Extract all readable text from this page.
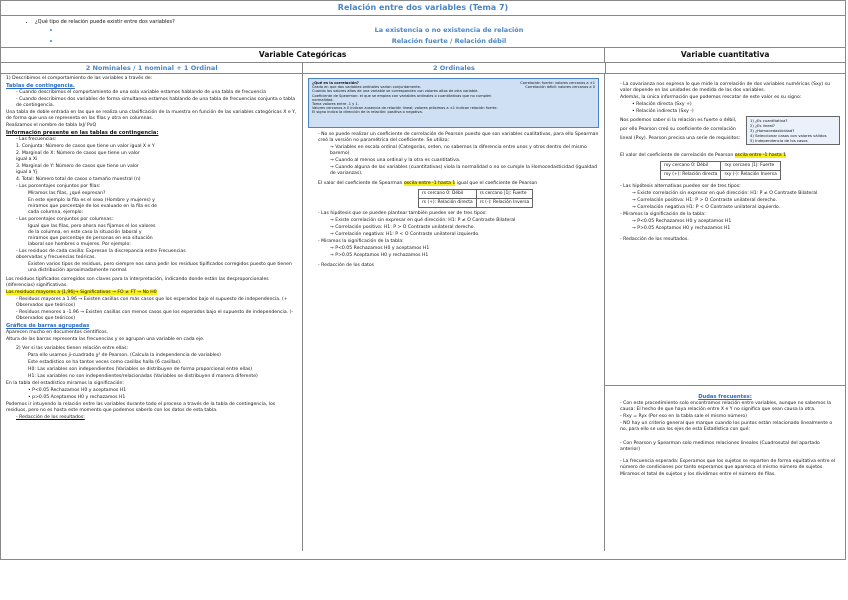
Relación entre dos variables (Tema 7)
• ¿Qué tipo de relación puede existir entre dos variables?
• La existencia o no existencia de relación
• Relación fuerte / Relación débil
Variable Categóricas	Variable cuantitativa
2 Nominales / 1 nominal + 1 Ordinal	2 Ordinales

1) Describimos el comportamiento de las variables a través de:

Tablas de contingencia.

- Cuando describimos el comportamiento de una sola variable estamos hablando de una tabla de frecuencia

- Cuando describimos dos variables de forma simultanea estamos hablando de una tabla de frecuencias conjunta o tabla de contingencia.

Una tabla de doble entrada en las que se realiza una clasificación de la muestra en función de las variables categóricas X e Y, de forma que una se representa en las filas y otra en columnas.

Realizamos el nombre de tabla IxJ/ PxQ

Información presente en las tablas de contingencia:

- Las frecuencias:

1. Conjunta: Número de casos que tiene un valor igual X e Y

2. Marginal de X: Número de casos que tiene un valor igual a Xi

3. Marginal de Y: Número de casos que tiene un valor igual a Yj

4. Total: Número total de casos o tamaño muestral (n)

- Los porcentajes conjuntos por filas:

Miramos las filas, ¿qué expresan?

En este ejemplo la fila es el sexo (Hombre y mujeres) y miramos que porcentaje de los evaluado en la fila es de cada columna, ejemplo:

- Los porcentajes conjuntos por columnas:

Igual que las filas, pero ahora nos fijamos el los valores de la columna, en este caso la situación laboral y miramos que porcentaje de personas en esa situación laboral son hombres o mujeres. Por ejemplo:

- Los residuos de cada casilla: Expresan la discrepancia entre Frecuencias observadas y frecuencias teóricas.

Existen varios tipos de residuos, pero siempre nos sana pedir los residuos tipificados corregidos puesto que tienen una distribución aproximadamente normal.

Los residuos tipificados corregidos son claves para la interpretación, indicando donde están las desproporcionales (diferencias) significativas.

Los residuos mayores a |1,96|→ Significativos → FO ≠ FT → No H0

- Residuos mayores a 1.96 → Existen casillas con más casos que los esperados bajo el supuesto de independencia. (+ Observados que teóricos)

- Residuos menores a -1.96 → Existen casillas con menos casos que los esperados bajo el supuesto de independencia. (- Observados que teóricos)

Gráfica de barras agrupadas

Aparecen mucho en documentos científicos.

Altura de las barras representa las frecuencias y se agrupan una variable en cada eje.

2) Ver si las variables tienen relación entre ellas:

Para ello usamos ji-cuadrado χ² de Pearson. (Calcula la independencia de variables)

Este estadístico se ha tantos veces como casillas halla (6 casillas).

H0: Las variables son independientes (Variables se distribuyen de forma proporcional entre ellas)

H1: Las variables no son independientes/relacionadas (Variables se distribuyen d manera diferente)

En la tabla del estadístico miramos la significación:

• P<0.05 Rechazamos H0 y aceptamos H1

• p>0.05 Aceptamos H0 y rechazamos H1

Podemos ir intuyendo la relación entre las variables durante todo el proceso a través de la tabla de contingencia, los residuos, pero no es hasta este momento que podemos saberlo con los datos de esta tabla.

- Redacción de los resultados:

¿Qué es la correlación?
Grado en que dos variables ordinales varían conjuntamente.
Cuando los valores altos de una variable se corresponden con valores altos de otra variable.
Coeficiente de Spearman: el que se emplea con variables ordinales o cuantitativas que no cumplen normalidad.
Toma valores entre -1 y 1.
Valores cercanos a 0 indican ausencia de relación lineal; valores próximos a ±1 indican relación fuerte.
El signo indica la dirección de la relación: positiva o negativa.
Correlación fuerte: valores cercanos a ±1
Correlación débil: valores cercanos a 0

- No se puede realizar un coeficiente de correlación de Pearson puesto que son variables cualitativas, para ello Spearman creó la versión no paramétrica del coeficiente. Se utiliza:

→ Variables en escala ordinal (Categorías, orden, no sabemos la diferencia entre unos y otros dentro del mismo baremo)

→ Cuando al menos una ordinal y la otra es cuantitativa.

→ Cuando alguna de las variables (cuantitativas) viola la normalidad o no se cumple la Homocedasticidad (igualdad de varianzas).

El valor del coeficiente de Spearman oscila entre -1 hasta 1 igual que el coeficiente de Pearson

rs cercano 0: Débil	rs cercano |1|: Fuerte
rs (+): Relación directa	rs (-): Relación Inversa

- Las hipótesis que se pueden plantear también pueden ser de tres tipos:

→ Existe correlación sin expresar en qué dirección: H1: P ≠ O Contraste Bilateral

→ Correlación positiva: H1: P > O Contraste unilateral derecho.

→ Correlación negativa: H1: P < O Contraste unilateral izquierdo.

- Miramos la significación de la tabla:

→ P<0.05 Rechazamos H0 y aceptamos H1

→ P>0.05 Aceptamos H0 y rechazamos H1

- Redacción de los datos

- La covarianza nos expresa lo que mide la correlación de dos variables numéricas (Sxy) su valor depende en las unidades de medida de las dos variables.

Además, la única información que podemos rescatar de este valor es su signo:

• Relación directa (Sxy +)

• Relación indirecta (Sxy -)

1) ¿Es cuantitativa?
2) ¿Es lineal?
3) ¿Homocedasticidad?
4) Seleccionar casos con valores válidos
5) Independencia de los casos

Nos podemos saber si la relación es fuerte o débil, por ello Pearson creó su coeficiente de correlación lineal (Pxy). Pearson precisa una serie de requisitos:

El valor del coeficiente de correlación de Pearson oscila entre -1 hasta 1

rxy cercano 0: Débil	rxy cercano |1|: Fuerte
rxy (+): Relación directa	rxy (-): Relación Inversa

- Las hipótesis alternativas pueden ser de tres tipos:

→ Existe correlación sin expresar en qué dirección: H1: P ≠ O Contraste Bilateral

→ Correlación positiva: H1: P > O Contraste unilateral derecho.

→ Correlación negativa H1: P < O Contraste unilateral izquierdo.

- Miramos la significación de la tabla:

→ P<0.05 Rechazamos H0 y aceptamos H1

→ P>0.05 Aceptamos H0 y rechazamos H1

- Redacción de los resultados.

Dudas frecuentes:

- Con este procedimiento solo encontramos relación entre variables, aunque no sabemos la causa: El hecho de que haya relación entre X e Y no significa que sean causa la otra.

- Rxy = Ryx (Por eso en la tabla sale el mismo número)

- NO hay un criterio general que marque cuando los puntos están relacionado linealmente o no, para ello se usa los ejes de esta Estadística con qué:

- Con Pearson y Spearman solo medimos relaciones lineales (Cuadrosutal del apartado anterior)

- La frecuencia esperada: Esperamos que los sujetos se reparten de forma equitativa entre el número de condiciones por tanto esperamos que aparezca el mismo número de sujetos.

Miramos el total de sujetos y los dividimos entre el número de filas.
